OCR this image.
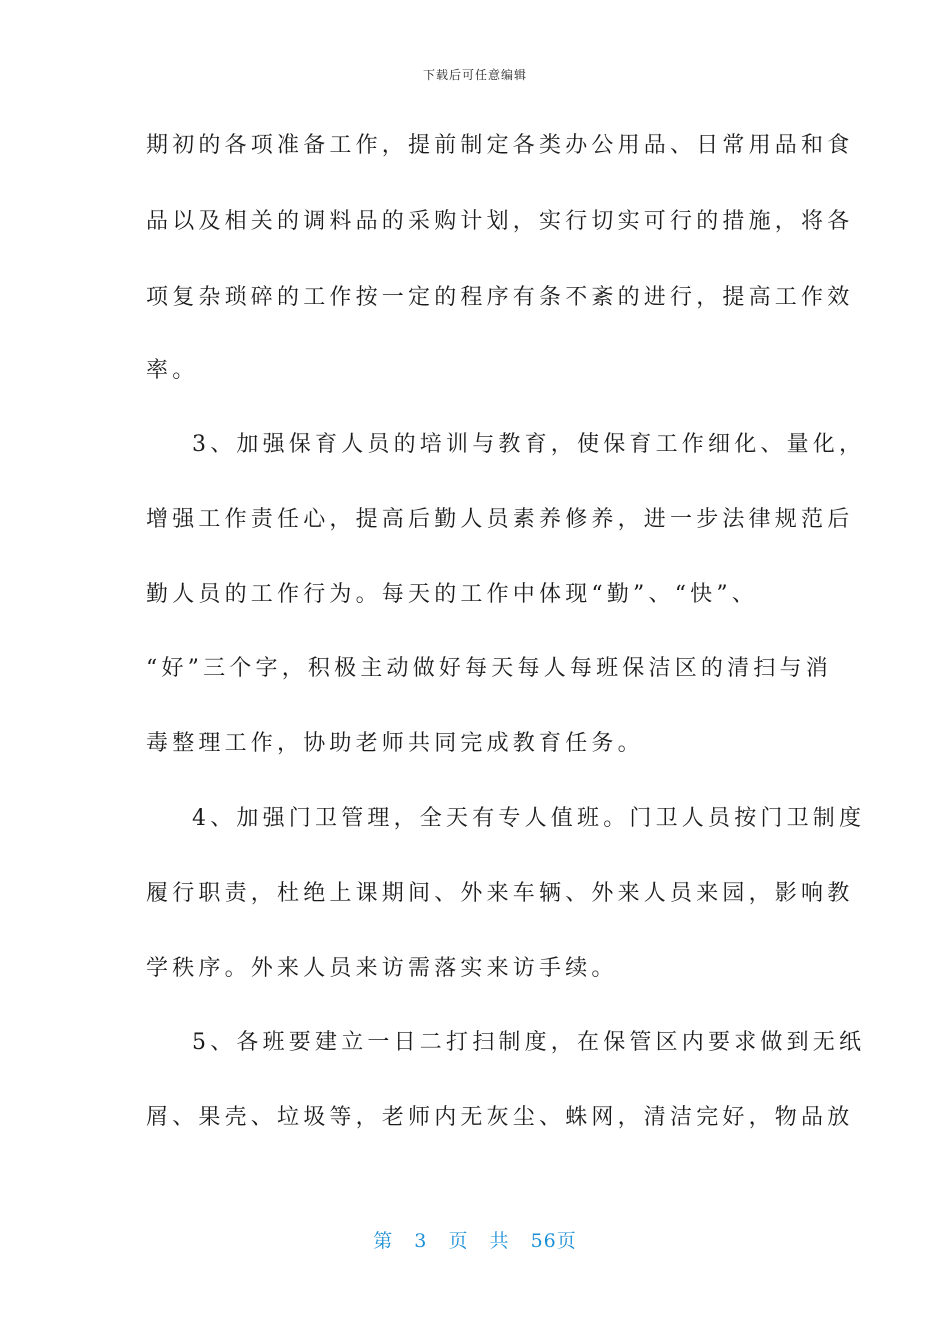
下载后可任意编辑
期初的各项准备工作，提前制定各类办公用品、日常用品和食
品以及相关的调料品的采购计划，实行切实可行的措施，将各
项复杂琐碎的工作按一定的程序有条不紊的进行，提高工作效
率。
3、加强保育人员的培训与教育，使保育工作细化、量化，
增强工作责任心，提高后勤人员素养修养，进一步法律规范后
勤人员的工作行为。每天的工作中体现“勤”、“快”、
“好”三个字，积极主动做好每天每人每班保洁区的清扫与消
毒整理工作，协助老师共同完成教育任务。
4、加强门卫管理，全天有专人值班。门卫人员按门卫制度
履行职责，杜绝上课期间、外来车辆、外来人员来园，影响教
学秩序。外来人员来访需落实来访手续。
5、各班要建立一日二打扫制度，在保管区内要求做到无纸
屑、果壳、垃圾等，老师内无灰尘、蛛网，清洁完好，物品放
第 3 页 共 56页
